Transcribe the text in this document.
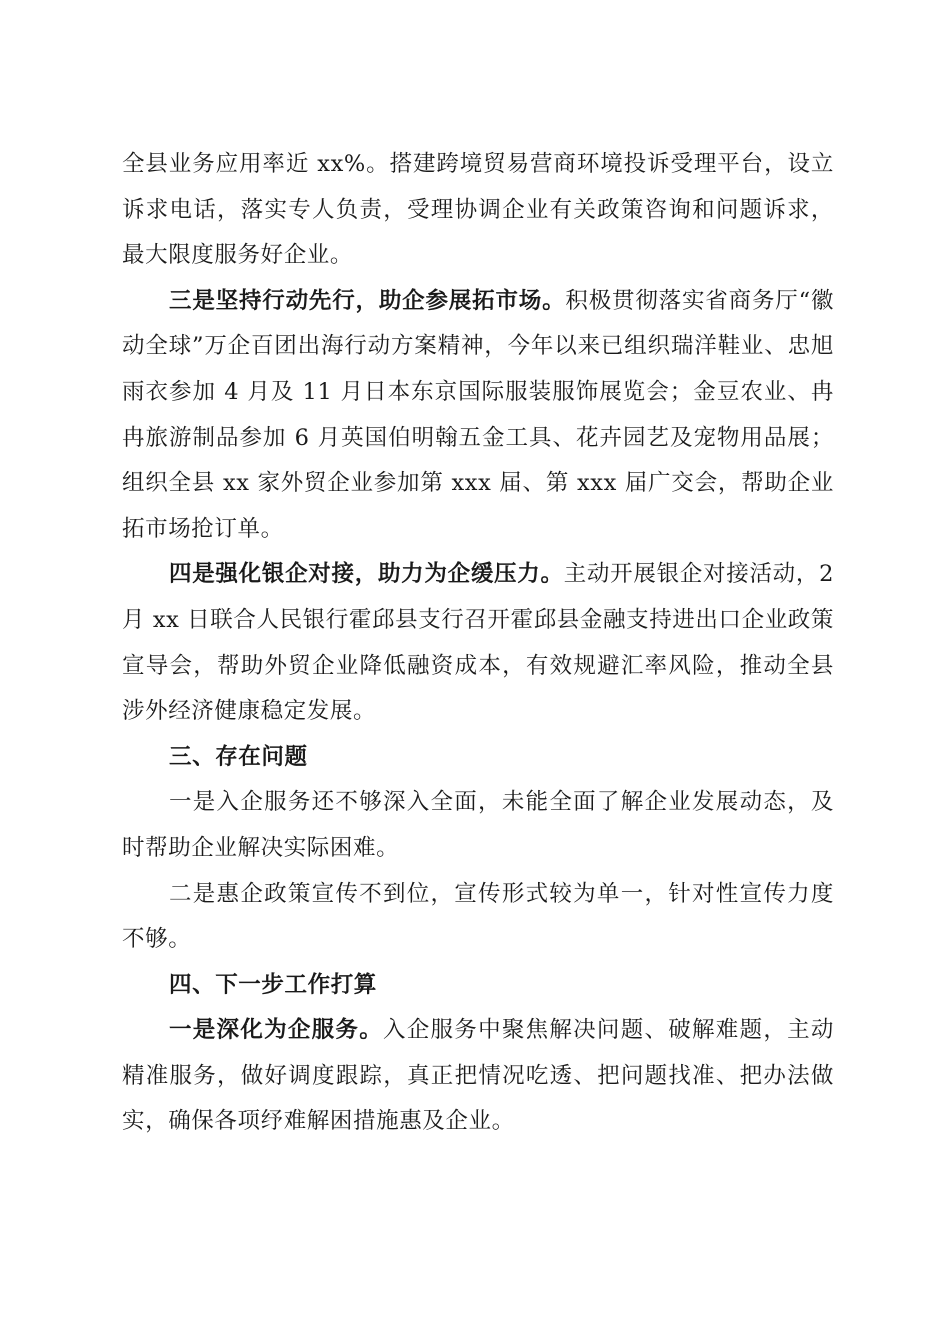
全县业务应用率近 xx%。搭建跨境贸易营商环境投诉受理平台，设立诉求电话，落实专人负责，受理协调企业有关政策咨询和问题诉求，最大限度服务好企业。

三是坚持行动先行，助企参展拓市场。积极贯彻落实省商务厅“徽动全球”万企百团出海行动方案精神，今年以来已组织瑞洋鞋业、忠旭雨衣参加 4 月及 11 月日本东京国际服装服饰展览会；金豆农业、冉冉旅游制品参加 6 月英国伯明翰五金工具、花卉园艺及宠物用品展；组织全县 xx 家外贸企业参加第 xxx 届、第 xxx 届广交会，帮助企业拓市场抢订单。

四是强化银企对接，助力为企缓压力。主动开展银企对接活动，2 月 xx 日联合人民银行霍邱县支行召开霍邱县金融支持进出口企业政策宣导会，帮助外贸企业降低融资成本，有效规避汇率风险，推动全县涉外经济健康稳定发展。

三、存在问题

一是入企服务还不够深入全面，未能全面了解企业发展动态，及时帮助企业解决实际困难。

二是惠企政策宣传不到位，宣传形式较为单一，针对性宣传力度不够。

四、下一步工作打算

一是深化为企服务。入企服务中聚焦解决问题、破解难题，主动精准服务，做好调度跟踪，真正把情况吃透、把问题找准、把办法做实，确保各项纾难解困措施惠及企业。
